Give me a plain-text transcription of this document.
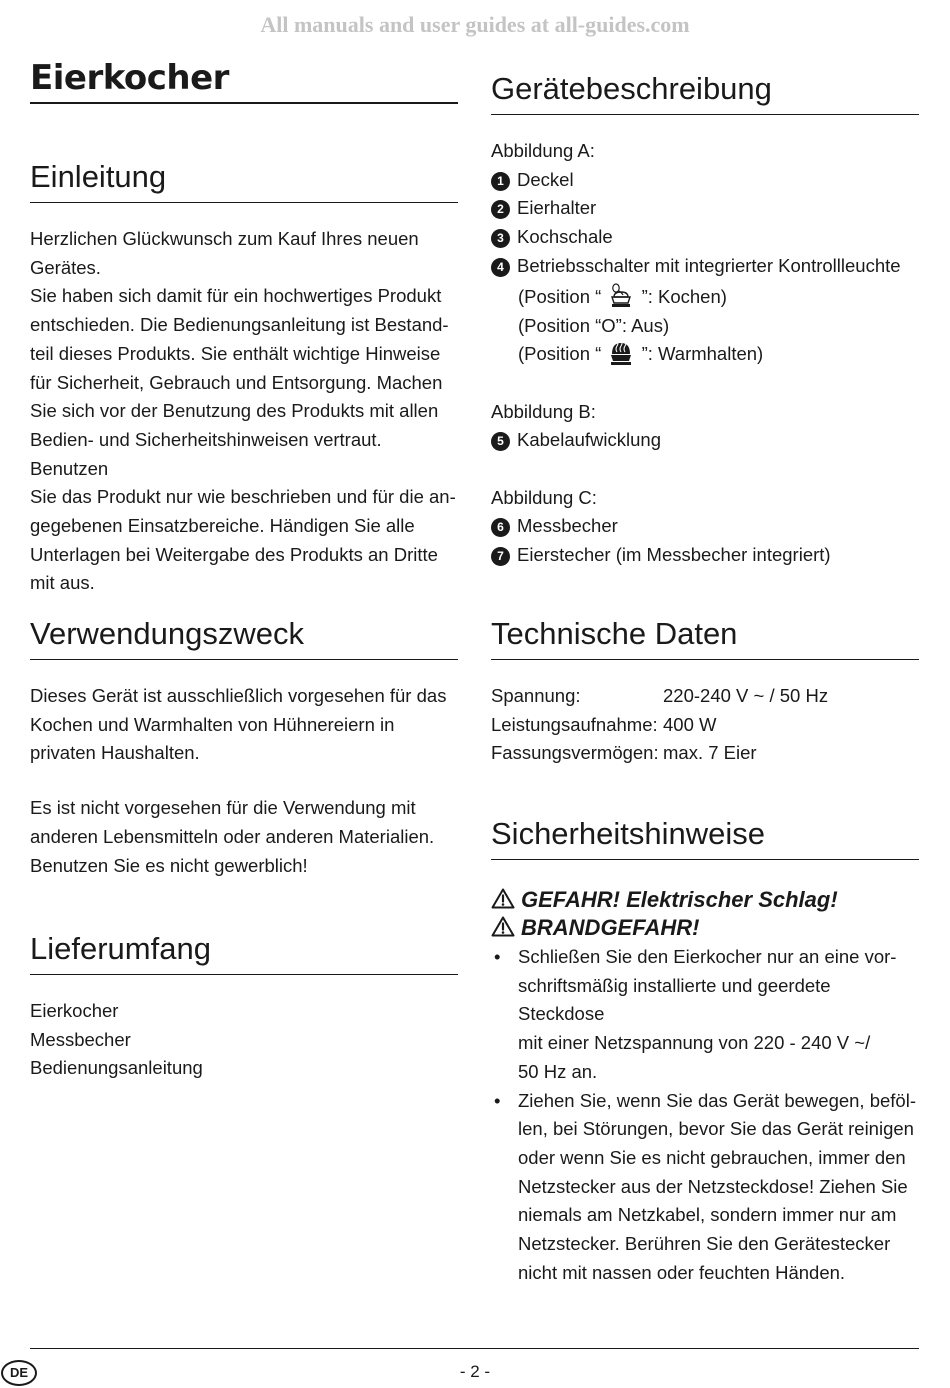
All manuals and user guides at all-guides.com
Eierkocher
Einleitung
Herzlichen Glückwunsch zum Kauf Ihres neuen
Gerätes.
Sie haben sich damit für ein hochwertiges Produkt
entschieden. Die Bedienungsanleitung ist Bestand-
teil dieses Produkts. Sie enthält wichtige Hinweise
für Sicherheit, Gebrauch und Entsorgung. Machen
Sie sich vor der Benutzung des Produkts mit allen
Bedien- und Sicherheitshinweisen vertraut. Benutzen
Sie das Produkt nur wie beschrieben und für die an-
gegebenen Einsatzbereiche. Händigen Sie alle
Unterlagen bei Weitergabe des Produkts an Dritte
mit aus.
Verwendungszweck
Dieses Gerät ist ausschließlich vorgesehen für das
Kochen und Warmhalten von Hühnereiern in
privaten Haushalten.
Es ist nicht vorgesehen für die Verwendung mit
anderen Lebensmitteln oder anderen Materialien.
Benutzen Sie es nicht gewerblich!
Lieferumfang
Eierkocher
Messbecher
Bedienungsanleitung
Gerätebeschreibung
Abbildung A:
1 Deckel
2 Eierhalter
3 Kochschale
4 Betriebsschalter mit integrierter Kontrollleuchte
(Position “ ”: Kochen)
(Position “O”: Aus)
(Position “ ”: Warmhalten)
Abbildung B:
5 Kabelaufwicklung
Abbildung C:
6 Messbecher
7 Eierstecher (im Messbecher integriert)
Technische Daten
Spannung:	220-240 V ~ / 50 Hz
Leistungsaufnahme: 400 W
Fassungsvermögen: max. 7 Eier
Sicherheitshinweise
GEFAHR! Elektrischer Schlag!
BRANDGEFAHR!
• Schließen Sie den Eierkocher nur an eine vor-
schriftsmäßig installierte und geerdete Steckdose
mit einer Netzspannung von 220 - 240 V ~/
50 Hz an.
• Ziehen Sie, wenn Sie das Gerät bewegen, beföl-
len, bei Störungen, bevor Sie das Gerät reinigen
oder wenn Sie es nicht gebrauchen, immer den
Netzstecker aus der Netzsteckdose! Ziehen Sie
niemals am Netzkabel, sondern immer nur am
Netzstecker. Berühren Sie den Gerätestecker
nicht mit nassen oder feuchten Händen.
DE	- 2 -
